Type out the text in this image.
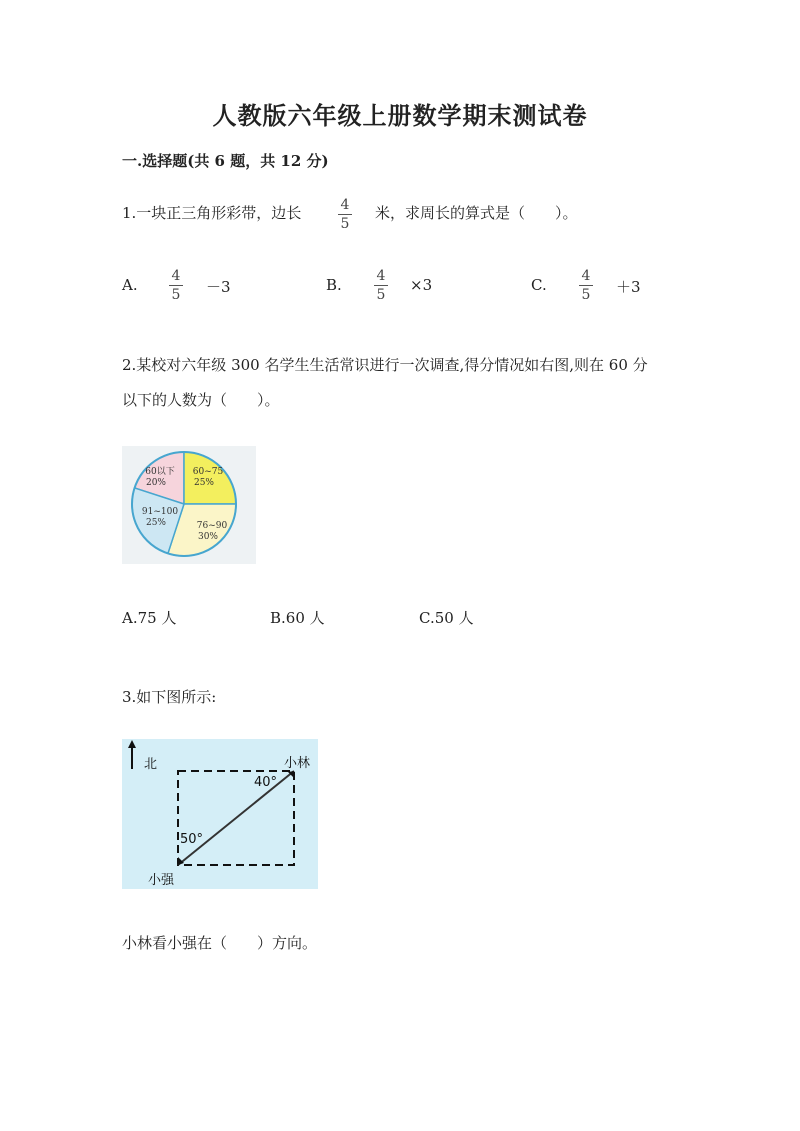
人教版六年级上册数学期末测试卷
一.选择题(共 6 题，共 12 分)
1.一块正三角形彩带，边长	4
5
米，求周长的算式是（　　）。
A. 4
5 －3	B. 4
5
×3	C. 4
5 ＋3
2.某校对六年级 300 名学生生活常识进行一次调查,得分情况如右图,则在 60 分
以下的人数为（　　）。
60以下
20%
60~75
25%
76~90
30%
91~100
25%
A.75 人	B.60 人	C.50 人
3.如下图所示:
北	小林
小强
40°
50°
小林看小强在（　　）方向。
